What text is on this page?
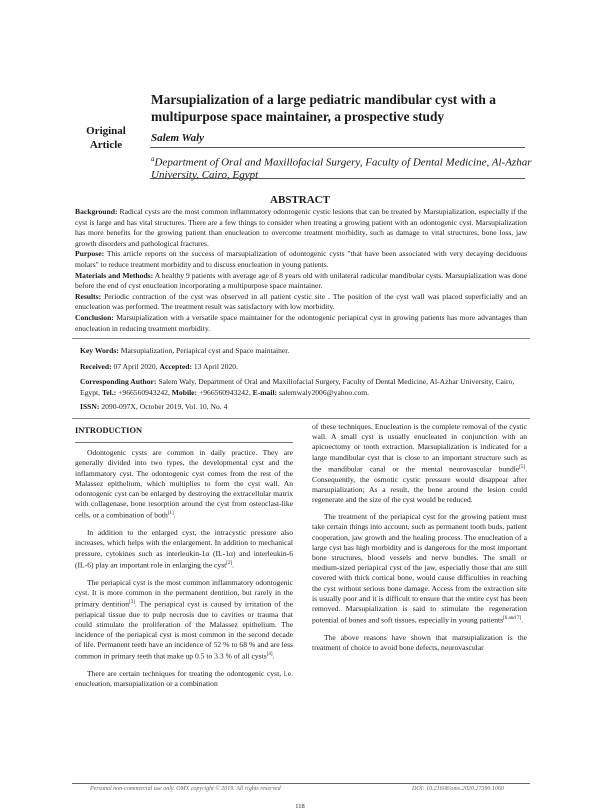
Original
Article
Marsupialization of a large pediatric mandibular cyst with a multipurpose space maintainer, a prospective study
Salem Waly
$^a$Department of Oral and Maxillofacial Surgery, Faculty of Dental Medicine, Al-Azhar University, Cairo, Egypt
ABSTRACT

Background: Radical cysts are the most common inflammatory odontogenic cystic lesions that can be treated by Marsupialization, especially if the cyst is large and has vital structures. There are a few things to consider when treating a growing patient with an odontogenic cyst. Marsupialization has more benefits for the growing patient than enucleation to overcome treatment morbidity, such as damage to vital structures, bone loss, jaw growth disorders and pathological fractures.

Purpose: This article reports on the success of marsupialization of odontogenic cysts "that have been associated with very decaying deciduous molars" to reduce treatment morbidity and to discuss enucleation in young patients.

Materials and Methods: A healthy 9 patients with average age of 8 years old with unilateral radicular mandibular cysts. Marsupialization was done before the end of cyst enucleation incorporating a multipurpose space maintainer.

Results: Periodic contraction of the cyst was observed in all patient cystic site . The position of the cyst wall was placed superficially and an enucleation was performed. The treatment result was satisfactory with low morbidity.

Conclusion: Marsupialization with a versatile space maintainer for the odontogenic periapical cyst in growing patients has more advantages than enucleation in reducing treatment morbidity.

Key Words: Marsupialization, Periapical cyst and Space maintainer.
Received: 07 April 2020, Accepted: 13 April 2020.
Corresponding Author: Salem Waly, Department of Oral and Maxillofacial Surgery, Faculty of Dental Medicine, Al-Azhar University, Cairo, Egypt, Tel.: +966560943242, Mobile: +966560943242, E-mail: salemwaly2006@yahoo.com.
ISSN: 2090-097X, October 2019, Vol. 10, No. 4

INTRODUCTION

Odontogenic cysts are common in daily practice. They are generally divided into two types, the developmental cyst and the inflammatory cyst. The odontogenic cyst comes from the rest of the Malassez epithelium, which multiplies to form the cyst wall. An odontogenic cyst can be enlarged by destroying the extracellular matrix with collagenase, bone resorption around the cyst from osteoclast-like cells, or a combination of both[1].

In addition to the enlarged cyst, the intracystic pressure also increases, which helps with the enlargement. In addition to mechanical pressure, cytokines such as interleukin-1α (IL-1α) and interleukin-6 (IL-6) play an important role in enlarging the cyst[2].

The periapical cyst is the most common inflammatory odontogenic cyst. It is more common in the permanent dentition, but rarely in the primary dentition[3]. The periapical cyst is caused by irritation of the periapical tissue due to pulp necrosis due to cavities or trauma that could stimulate the proliferation of the Malassez epithelium. The incidence of the periapical cyst is most common in the second decade of life. Permanent teeth have an incidence of 52 % to 68 % and are less common in primary teeth that make up 0.5 to 3.3 % of all cysts[4].

There are certain techniques for treating the odontogenic cyst, i.e. enucleation, marsupialization or a combination

of these techniques. Enucleation is the complete removal of the cystic wall. A small cyst is usually enucleated in conjunction with an apicoectomy or tooth extraction. Marsupialization is indicated for a large mandibular cyst that is close to an important structure such as the mandibular canal or the mental neurovascular bundle[5]. Consequently, the osmotic cystic pressure would disappear after marsupialization; As a result, the bone around the lesion could regenerate and the size of the cyst would be reduced.

The treatment of the periapical cyst for the growing patient must take certain things into account, such as permanent tooth buds, patient cooperation, jaw growth and the healing process. The enucleation of a large cyst has high morbidity and is dangerous for the most important bone structures, blood vessels and nerve bundles. The small or medium-sized periapical cyst of the jaw, especially those that are still covered with thick cortical bone, would cause difficulties in reaching the cyst without serious bone damage. Access from the extraction site is usually poor and it is difficult to ensure that the entire cyst has been removed. Marsupialization is said to stimulate the regeneration potential of bones and soft tissues, especially in young patients[6 and 7].

The above reasons have shown that marsupialization is the treatment of choice to avoid bone defects, neurovascular

Personal non-commercial use only. OMX copyright © 2019. All rights reserved	DOI: 10.21608/omx.2020.27390.1060
118
